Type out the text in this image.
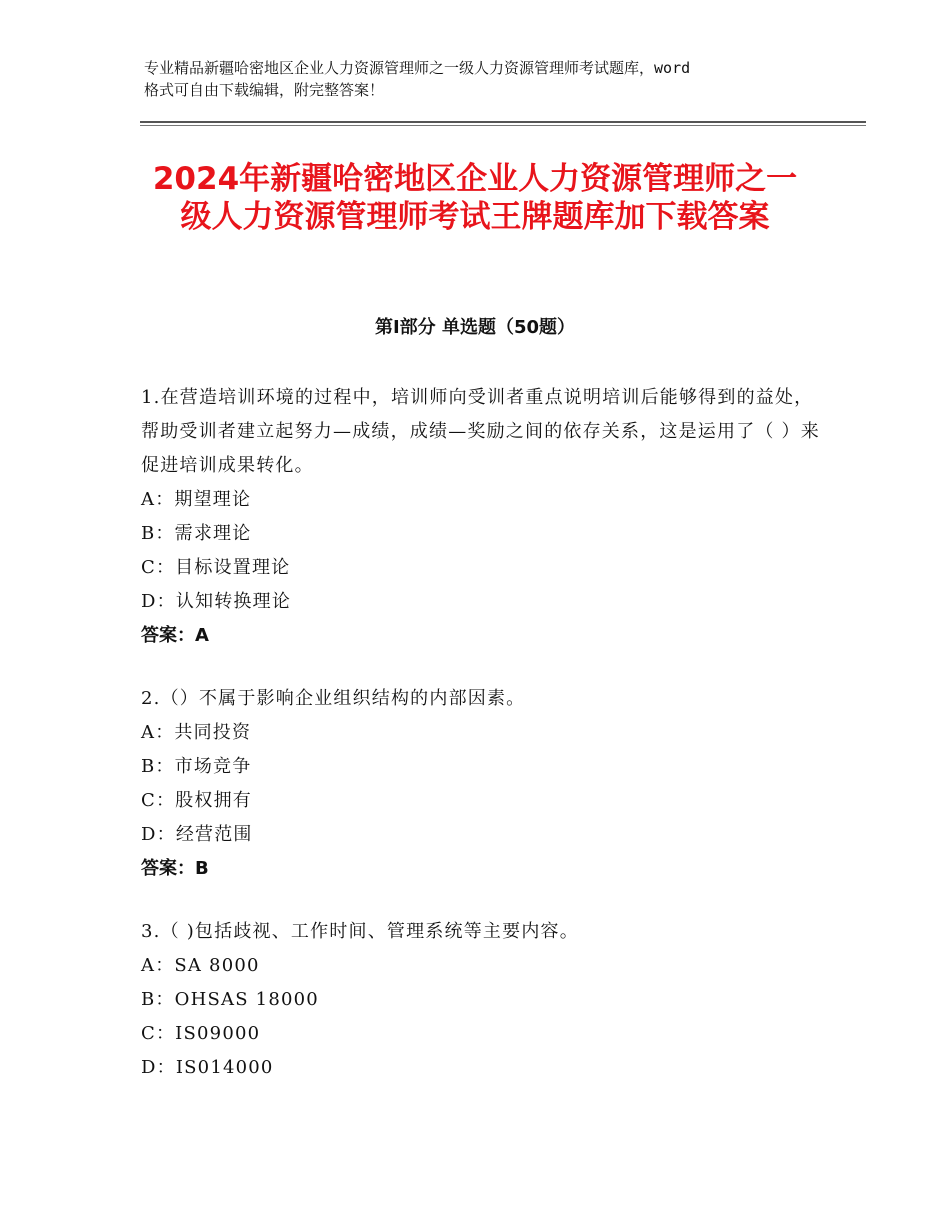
专业精品新疆哈密地区企业人力资源管理师之一级人力资源管理师考试题库，word
格式可自由下载编辑，附完整答案！
2024年新疆哈密地区企业人力资源管理师之一级人力资源管理师考试王牌题库加下载答案
第Ⅰ部分 单选题（50题）
1.在营造培训环境的过程中，培训师向受训者重点说明培训后能够得到的益处，帮助受训者建立起努力—成绩，成绩—奖励之间的依存关系，这是运用了（ ）来促进培训成果转化。
A：期望理论
B：需求理论
C：目标设置理论
D：认知转换理论
答案：A
2.（）不属于影响企业组织结构的内部因素。
A：共同投资
B：市场竞争
C：股权拥有
D：经营范围
答案：B
3.（ )包括歧视、工作时间、管理系统等主要内容。
A：SA 8000
B：OHSAS 18000
C：IS09000
D：IS014000
